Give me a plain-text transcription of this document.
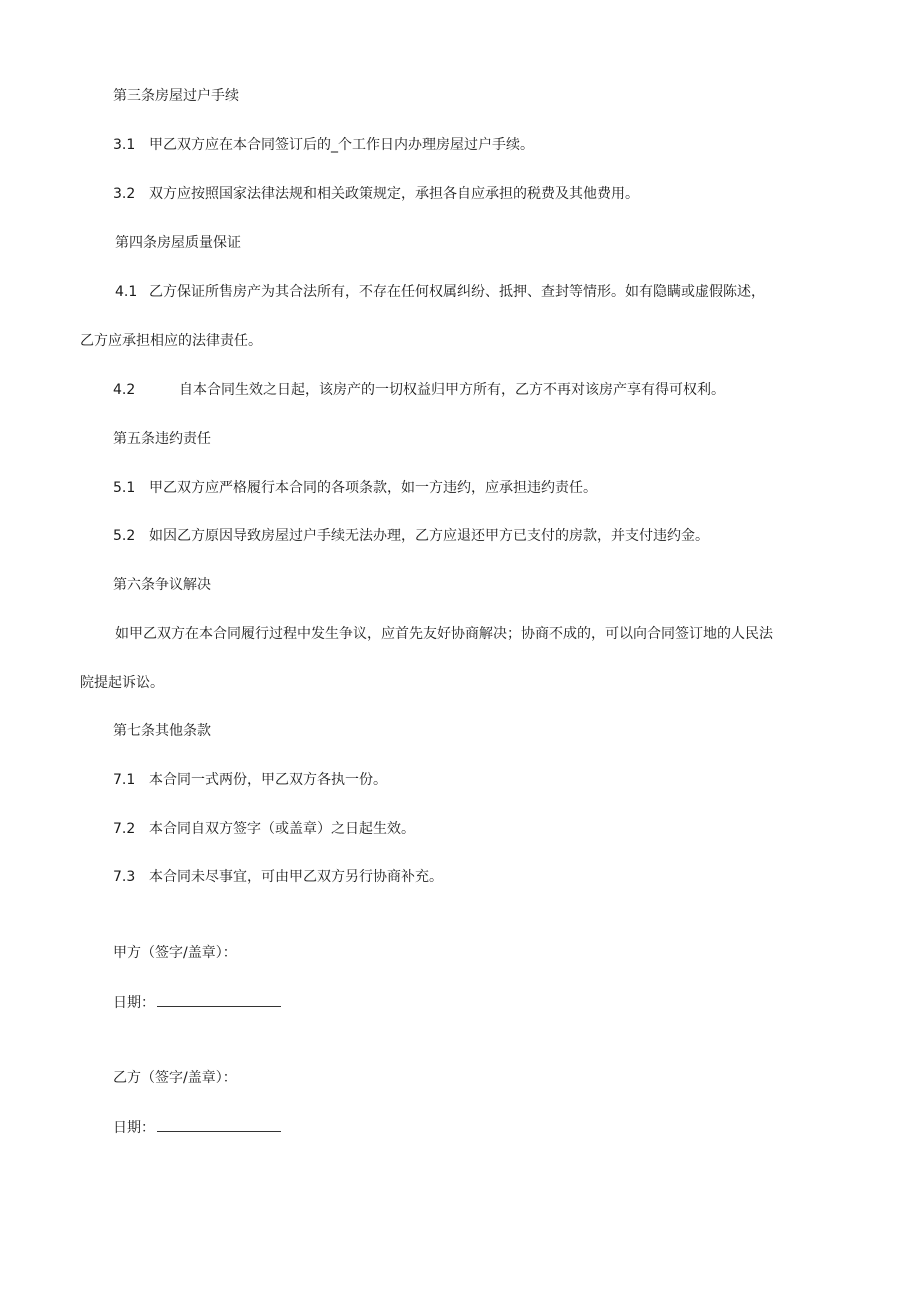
第三条房屋过户手续
3.1 甲乙双方应在本合同签订后的_个工作日内办理房屋过户手续。
3.2 双方应按照国家法律法规和相关政策规定，承担各自应承担的税费及其他费用。
第四条房屋质量保证
4.1 乙方保证所售房产为其合法所有，不存在任何权属纠纷、抵押、查封等情形。如有隐瞒或虚假陈述，
乙方应承担相应的法律责任。
4.2	自本合同生效之日起，该房产的一切权益归甲方所有，乙方不再对该房产享有得可权利。
第五条违约责任
5.1 甲乙双方应严格履行本合同的各项条款，如一方违约，应承担违约责任。
5.2 如因乙方原因导致房屋过户手续无法办理，乙方应退还甲方已支付的房款，并支付违约金。
第六条争议解决
如甲乙双方在本合同履行过程中发生争议，应首先友好协商解决；协商不成的，可以向合同签订地的人民法
院提起诉讼。
第七条其他条款
7.1 本合同一式两份，甲乙双方各执一份。
7.2 本合同自双方签字（或盖章）之日起生效。
7.3 本合同未尽事宜，可由甲乙双方另行协商补充。
甲方（签字/盖章）：
日期：
乙方（签字/盖章）：
日期：
